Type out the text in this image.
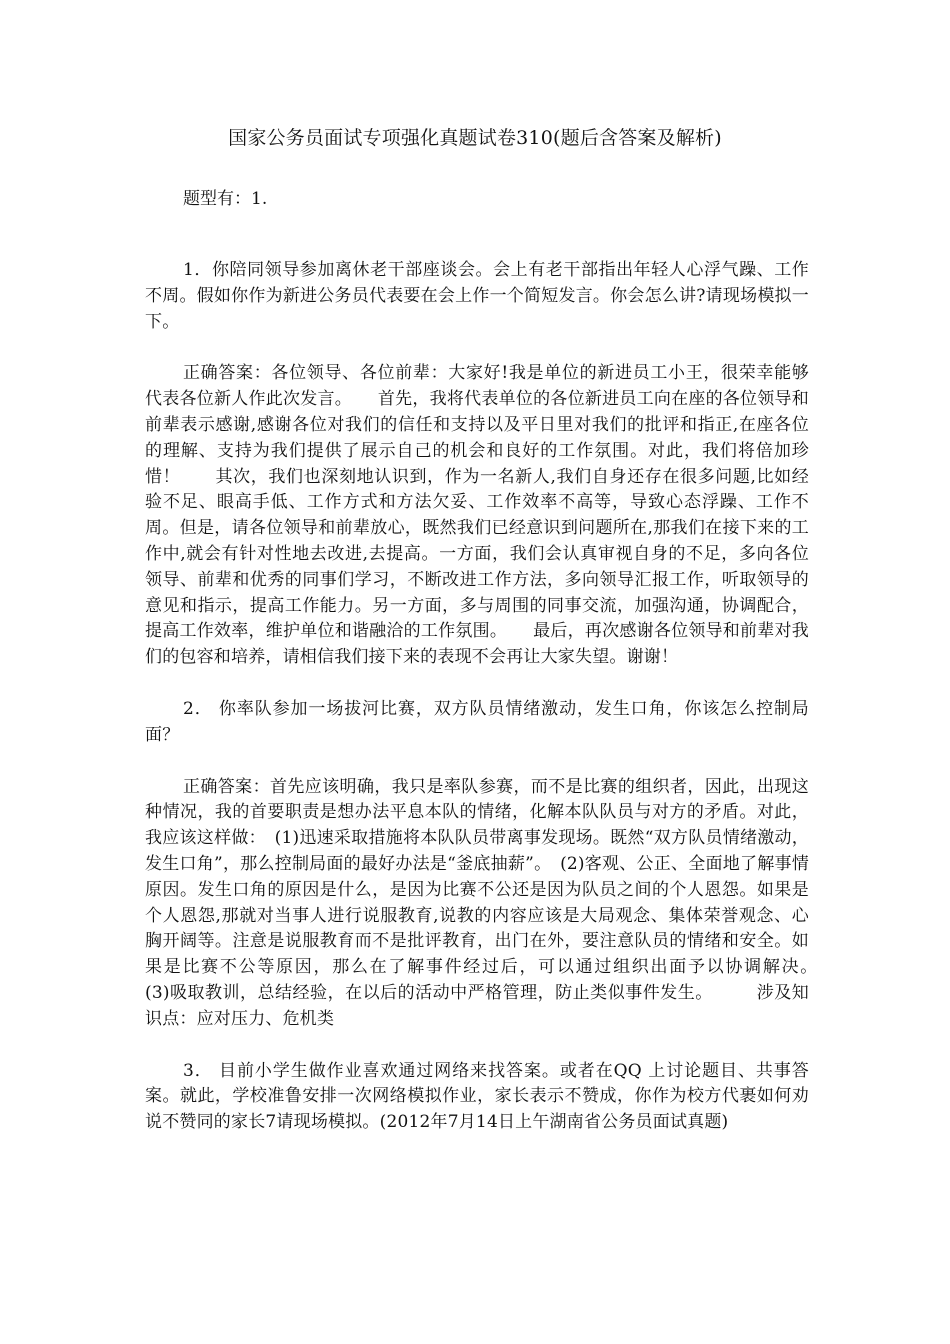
国家公务员面试专项强化真题试卷310(题后含答案及解析)
题型有：1.

1．你陪同领导参加离休老干部座谈会。会上有老干部指出年轻人心浮气躁、工作不周。假如你作为新进公务员代表要在会上作一个简短发言。你会怎么讲?请现场模拟一下。

正确答案：各位领导、各位前辈：大家好!我是单位的新进员工小王，很荣幸能够代表各位新人作此次发言。　　首先，我将代表单位的各位新进员工向在座的各位领导和前辈表示感谢,感谢各位对我们的信任和支持以及平日里对我们的批评和指正,在座各位的理解、支持为我们提供了展示自己的机会和良好的工作氛围。对此，我们将倍加珍惜！　　其次，我们也深刻地认识到，作为一名新人,我们自身还存在很多问题,比如经验不足、眼高手低、工作方式和方法欠妥、工作效率不高等，导致心态浮躁、工作不周。但是，请各位领导和前辈放心，既然我们已经意识到问题所在,那我们在接下来的工作中,就会有针对性地去改进,去提高。一方面，我们会认真审视自身的不足，多向各位领导、前辈和优秀的同事们学习，不断改进工作方法，多向领导汇报工作，听取领导的意见和指示，提高工作能力。另一方面，多与周围的同事交流，加强沟通，协调配合，提高工作效率，维护单位和谐融洽的工作氛围。　　最后，再次感谢各位领导和前辈对我们的包容和培养，请相信我们接下来的表现不会再让大家失望。谢谢！

2． 你率队参加一场拔河比赛，双方队员情绪激动，发生口角，你该怎么控制局面？

正确答案：首先应该明确，我只是率队参赛，而不是比赛的组织者，因此，出现这种情况，我的首要职责是想办法平息本队的情绪，化解本队队员与对方的矛盾。对此，我应该这样做：　(1)迅速采取措施将本队队员带离事发现场。既然“双方队员情绪激动，发生口角”，那么控制局面的最好办法是“釜底抽薪”。　(2)客观、公正、全面地了解事情原因。发生口角的原因是什么，是因为比赛不公还是因为队员之间的个人恩怨。如果是个人恩怨,那就对当事人进行说服教育,说教的内容应该是大局观念、集体荣誉观念、心胸开阔等。注意是说服教育而不是批评教育，出门在外，要注意队员的情绪和安全。如果是比赛不公等原因，那么在了解事件经过后，可以通过组织出面予以协调解决。　　(3)吸取教训，总结经验，在以后的活动中严格管理，防止类似事件发生。　　　涉及知识点：应对压力、危机类

3． 目前小学生做作业喜欢通过网络来找答案。或者在QQ 上讨论题目、共事答案。就此，学校准鲁安排一次网络模拟作业，家长表示不赞成，你作为校方代裹如何劝说不赞同的家长7请现场模拟。(2012年7月14日上午湖南省公务员面试真题)
